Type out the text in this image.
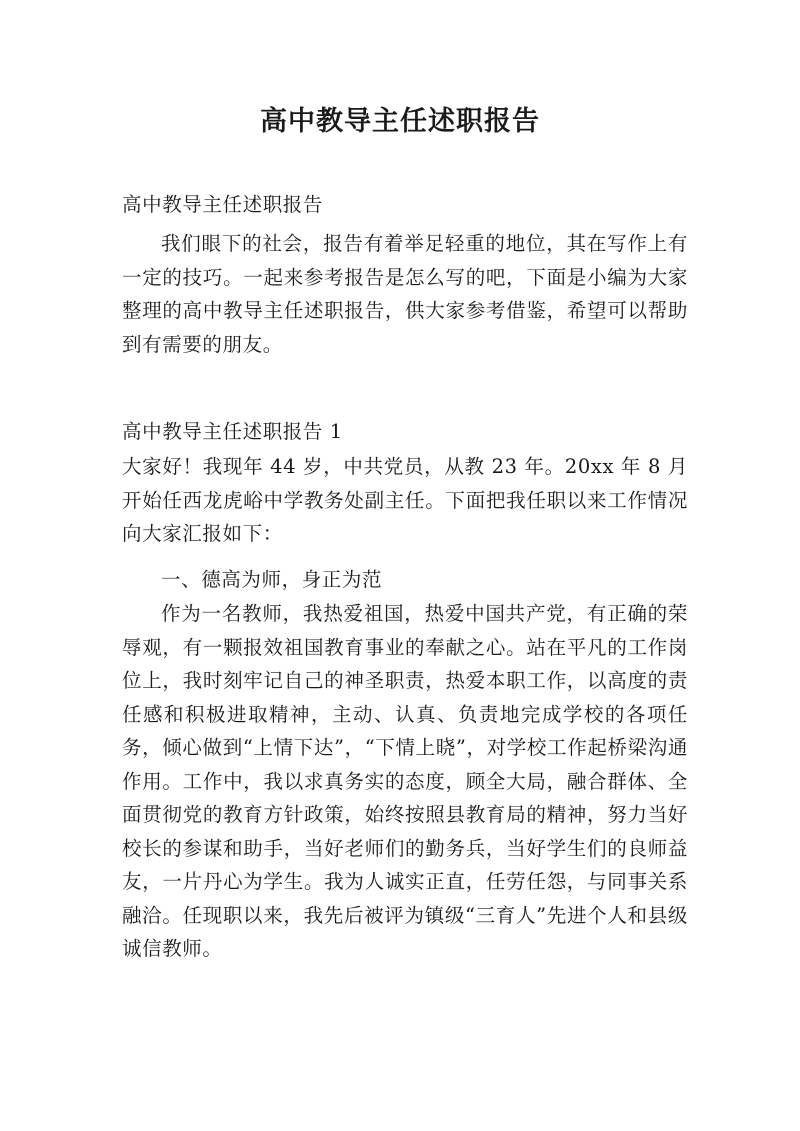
高中教导主任述职报告

高中教导主任述职报告

我们眼下的社会，报告有着举足轻重的地位，其在写作上有一定的技巧。一起来参考报告是怎么写的吧，下面是小编为大家整理的高中教导主任述职报告，供大家参考借鉴，希望可以帮助到有需要的朋友。

高中教导主任述职报告 1

大家好！我现年 44 岁，中共党员，从教 23 年。20xx 年 8 月开始任西龙虎峪中学教务处副主任。下面把我任职以来工作情况向大家汇报如下：

一、德高为师，身正为范

作为一名教师，我热爱祖国，热爱中国共产党，有正确的荣辱观，有一颗报效祖国教育事业的奉献之心。站在平凡的工作岗位上，我时刻牢记自己的神圣职责，热爱本职工作，以高度的责任感和积极进取精神，主动、认真、负责地完成学校的各项任务，倾心做到“上情下达”，“下情上晓”，对学校工作起桥梁沟通作用。工作中，我以求真务实的态度，顾全大局，融合群体、全面贯彻党的教育方针政策，始终按照县教育局的精神，努力当好校长的参谋和助手，当好老师们的勤务兵，当好学生们的良师益友，一片丹心为学生。我为人诚实正直，任劳任怨，与同事关系融洽。任现职以来，我先后被评为镇级“三育人”先进个人和县级诚信教师。
